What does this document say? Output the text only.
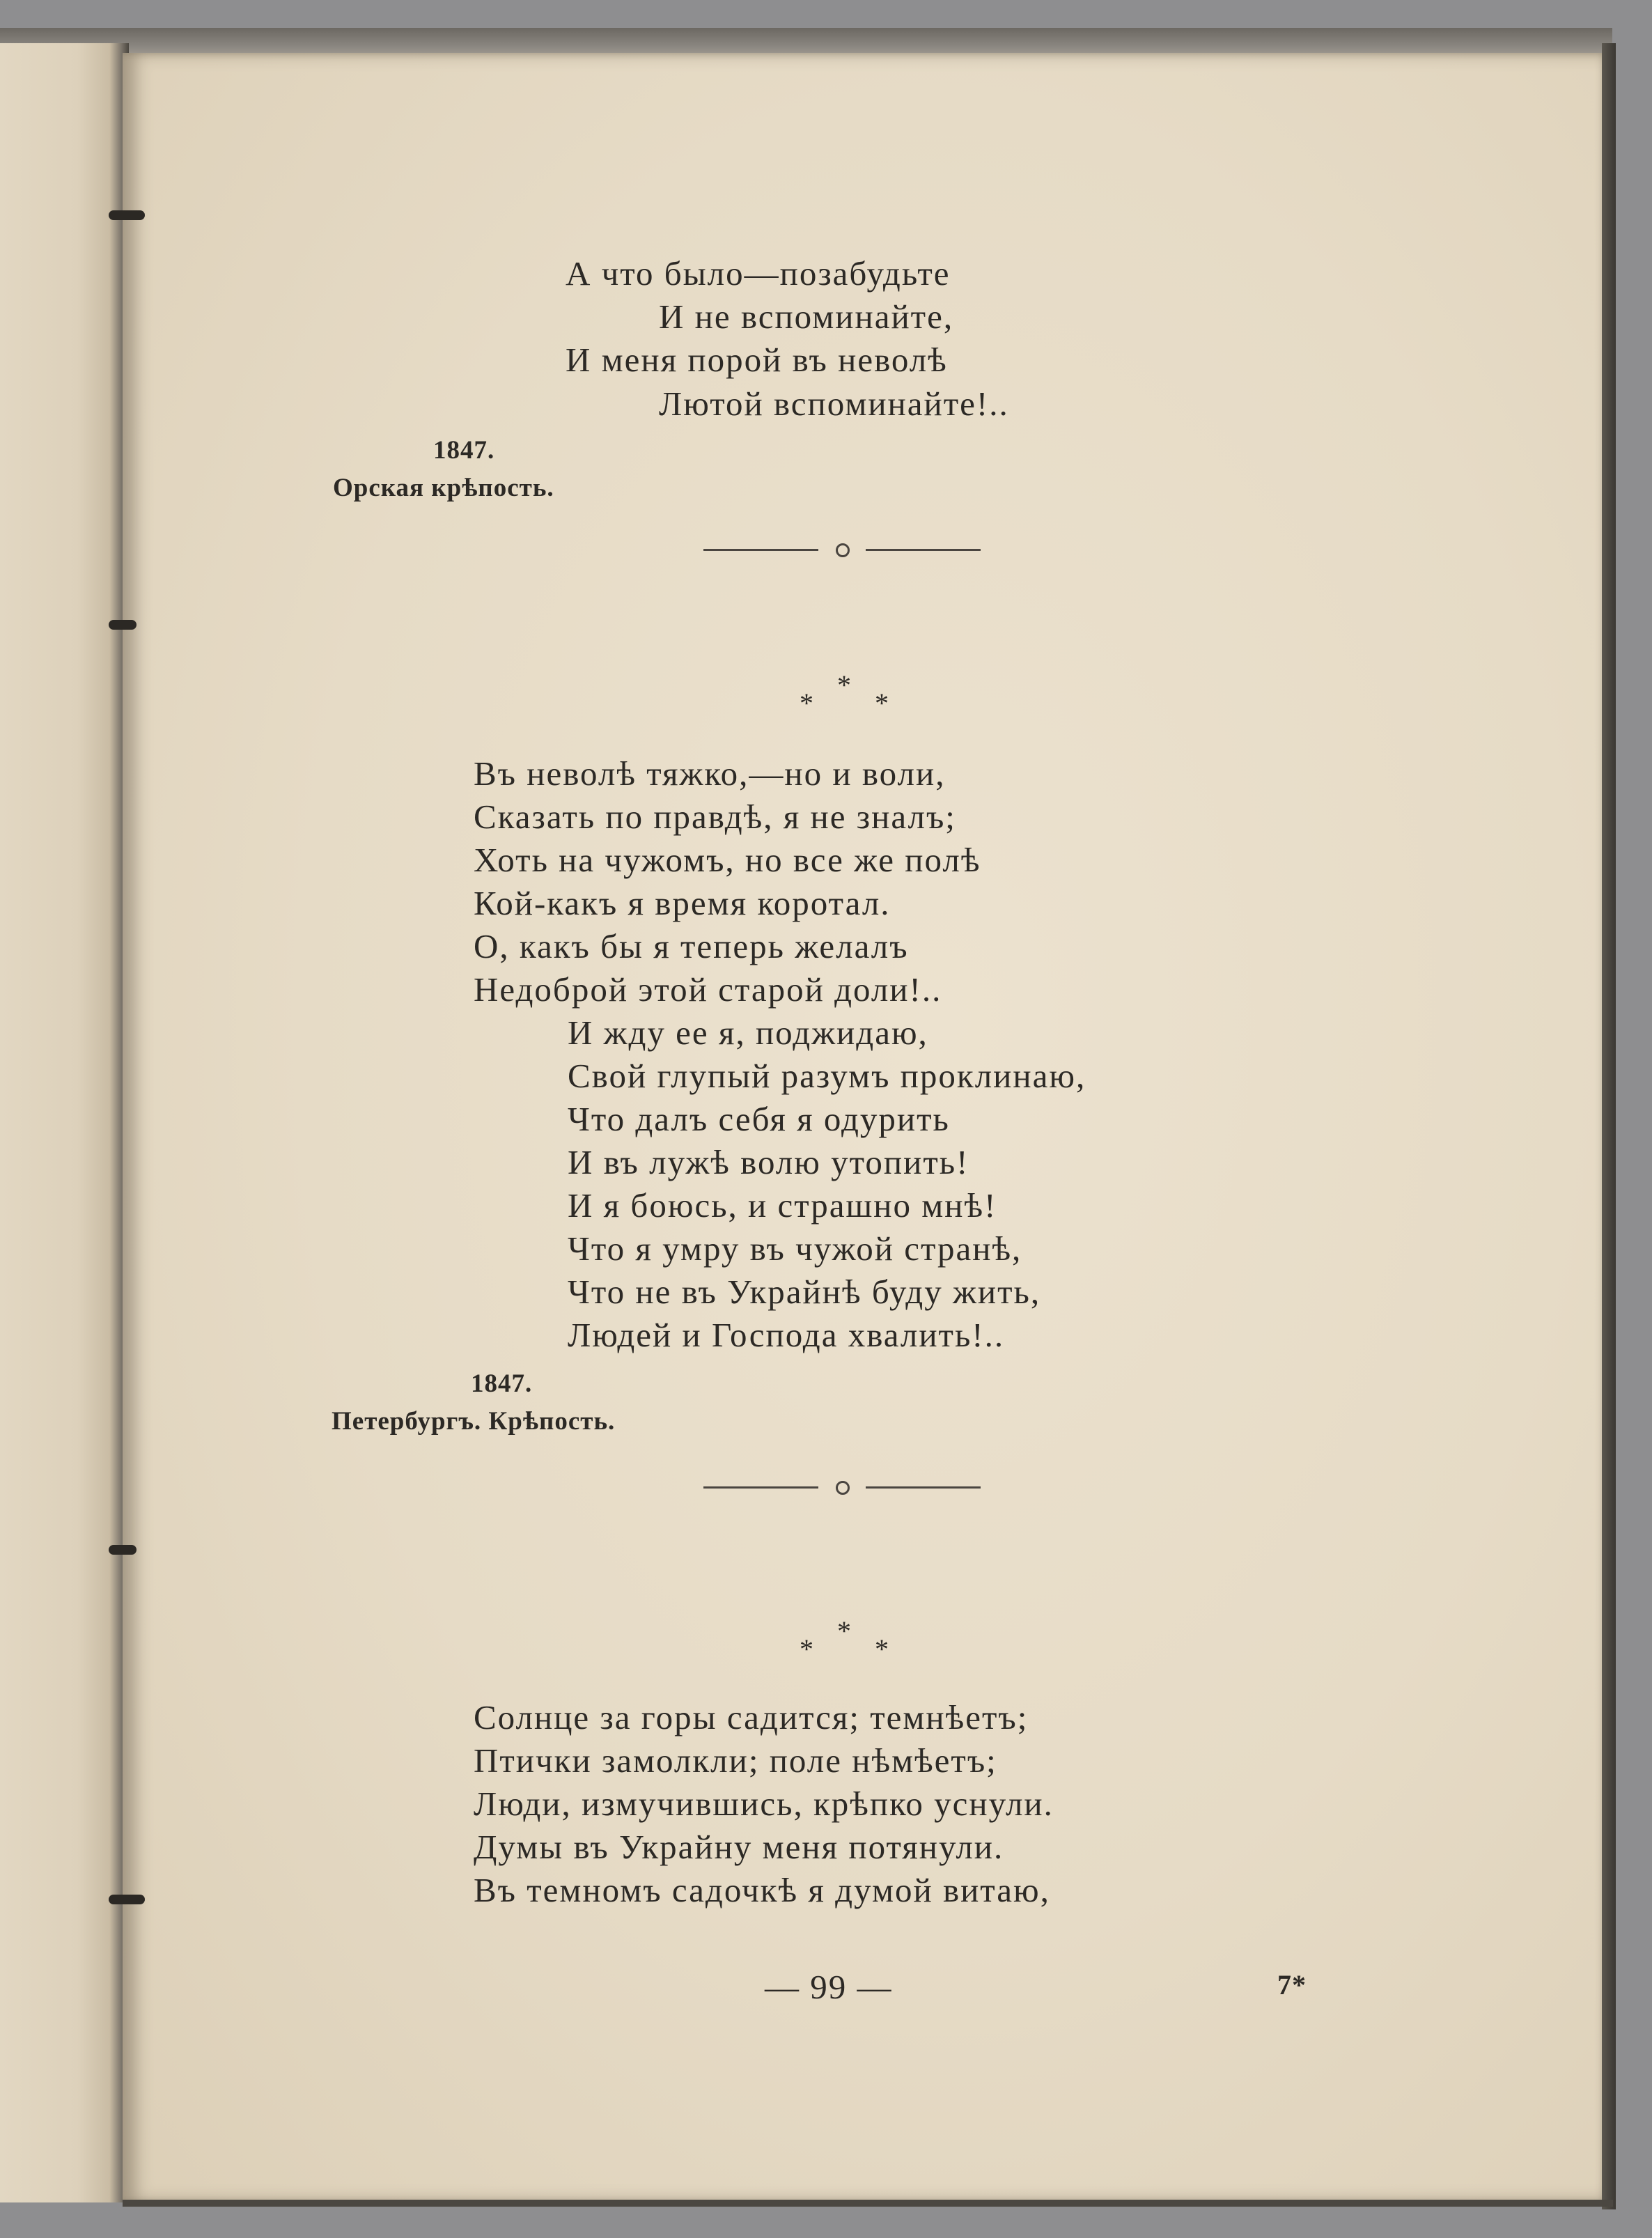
А что было—позабудьте
И не вспоминайте,
И меня порой въ неволѣ
Лютой вспоминайте!..
1847.
Орская крѣпость.
*
*
*
Въ неволѣ тяжко,—но и воли,
Сказать по правдѣ, я не зналъ;
Хоть на чужомъ, но все же полѣ
Кой-какъ я время коротал.
О, какъ бы я теперь желалъ
Недоброй этой старой доли!..
И жду ее я, поджидаю,
Свой глупый разумъ проклинаю,
Что далъ себя я одурить
И въ лужѣ волю утопить!
И я боюсь, и страшно мнѣ!
Что я умру въ чужой странѣ,
Что не въ Украйнѣ буду жить,
Людей и Господа хвалить!..
1847.
Петербургъ. Крѣпость.
*
*
*
Солнце за горы садится; темнѣетъ;
Птички замолкли; поле нѣмѣетъ;
Люди, измучившись, крѣпко уснули.
Думы въ Украйну меня потянули.
Въ темномъ садочкѣ я думой витаю,
— 99 —	7*
